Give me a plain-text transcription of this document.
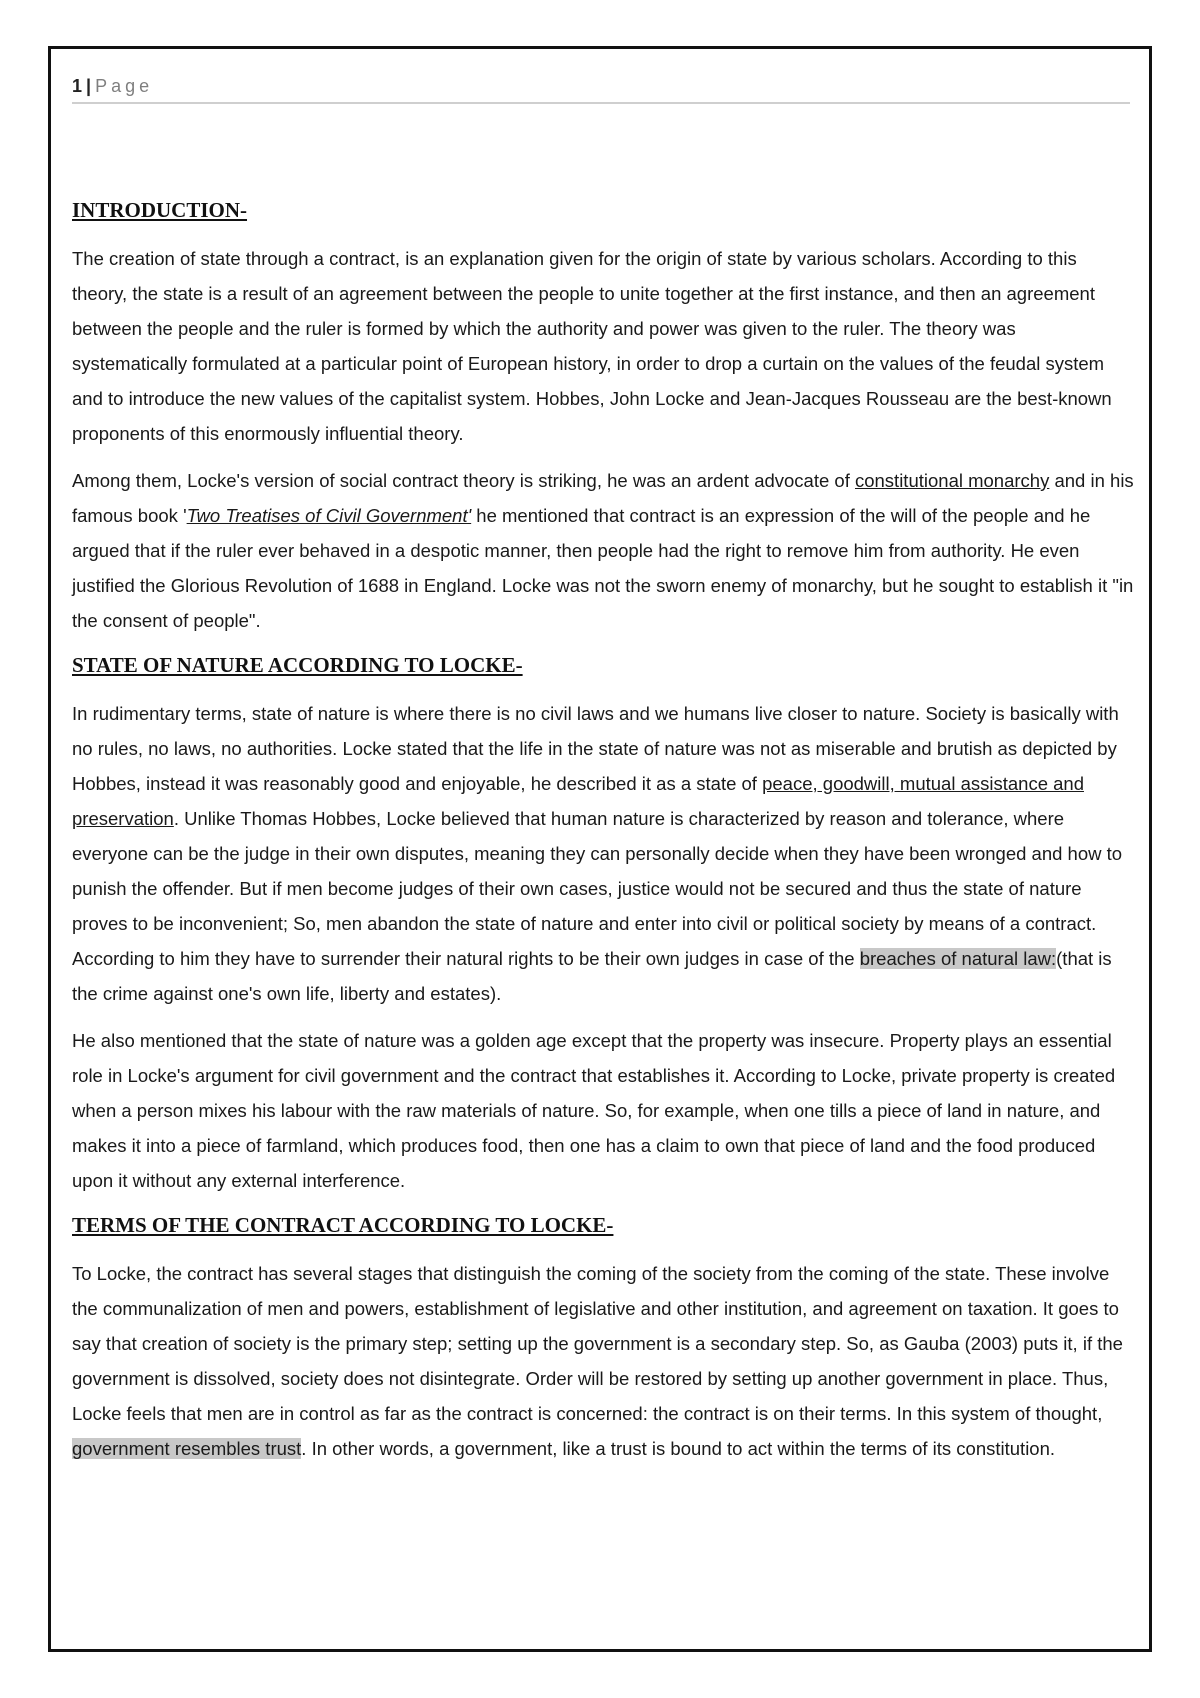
1 | Page
INTRODUCTION-

The creation of state through a contract, is an explanation given for the origin of state by various scholars. According to this theory, the state is a result of an agreement between the people to unite together at the first instance, and then an agreement between the people and the ruler is formed by which the authority and power was given to the ruler. The theory was systematically formulated at a particular point of European history, in order to drop a curtain on the values of the feudal system and to introduce the new values of the capitalist system. Hobbes, John Locke and Jean-Jacques Rousseau are the best-known proponents of this enormously influential theory.

Among them, Locke's version of social contract theory is striking, he was an ardent advocate of constitutional monarchy and in his famous book 'Two Treatises of Civil Government' he mentioned that contract is an expression of the will of the people and he argued that if the ruler ever behaved in a despotic manner, then people had the right to remove him from authority. He even justified the Glorious Revolution of 1688 in England. Locke was not the sworn enemy of monarchy, but he sought to establish it "in the consent of people".

STATE OF NATURE ACCORDING TO LOCKE-

In rudimentary terms, state of nature is where there is no civil laws and we humans live closer to nature. Society is basically with no rules, no laws, no authorities. Locke stated that the life in the state of nature was not as miserable and brutish as depicted by Hobbes, instead it was reasonably good and enjoyable, he described it as a state of peace, goodwill, mutual assistance and preservation. Unlike Thomas Hobbes, Locke believed that human nature is characterized by reason and tolerance, where everyone can be the judge in their own disputes, meaning they can personally decide when they have been wronged and how to punish the offender. But if men become judges of their own cases, justice would not be secured and thus the state of nature proves to be inconvenient; So, men abandon the state of nature and enter into civil or political society by means of a contract. According to him they have to surrender their natural rights to be their own judges in case of the breaches of natural law:(that is the crime against one's own life, liberty and estates).

He also mentioned that the state of nature was a golden age except that the property was insecure. Property plays an essential role in Locke's argument for civil government and the contract that establishes it. According to Locke, private property is created when a person mixes his labour with the raw materials of nature. So, for example, when one tills a piece of land in nature, and makes it into a piece of farmland, which produces food, then one has a claim to own that piece of land and the food produced upon it without any external interference.

TERMS OF THE CONTRACT ACCORDING TO LOCKE-

To Locke, the contract has several stages that distinguish the coming of the society from the coming of the state. These involve the communalization of men and powers, establishment of legislative and other institution, and agreement on taxation. It goes to say that creation of society is the primary step; setting up the government is a secondary step. So, as Gauba (2003) puts it, if the government is dissolved, society does not disintegrate. Order will be restored by setting up another government in place. Thus, Locke feels that men are in control as far as the contract is concerned: the contract is on their terms. In this system of thought, government resembles trust. In other words, a government, like a trust is bound to act within the terms of its constitution.
